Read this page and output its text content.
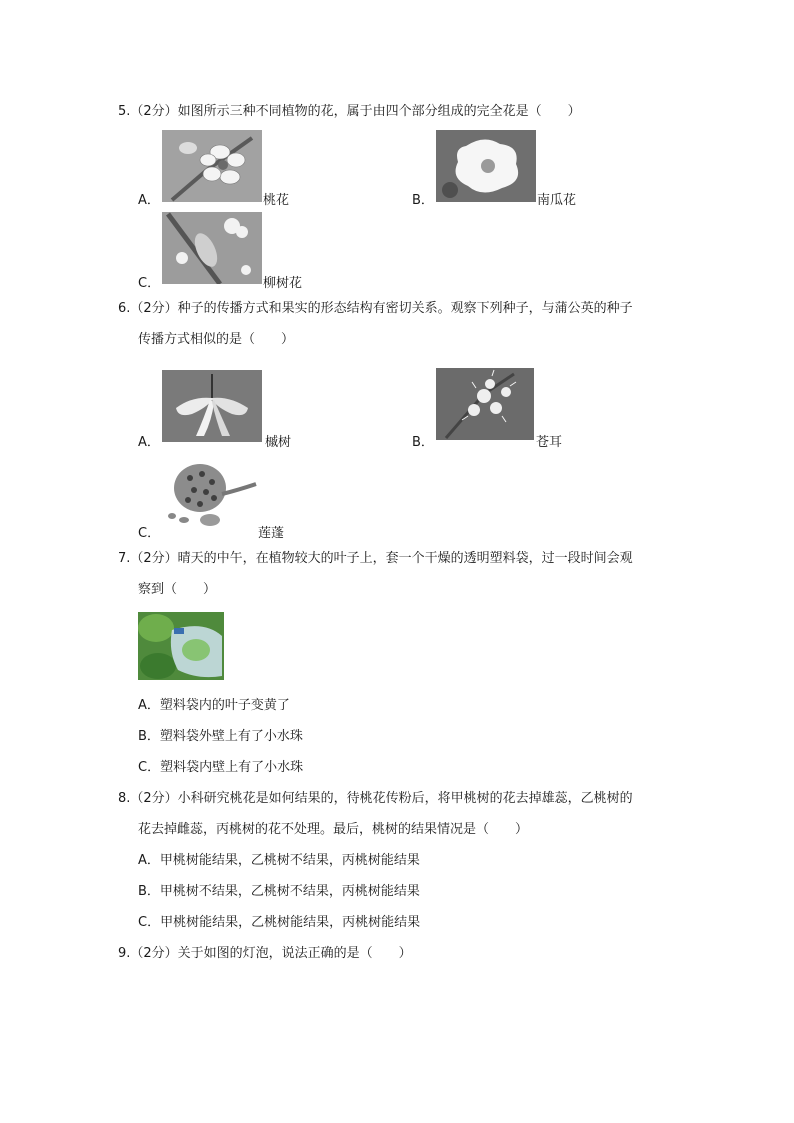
5.（2分）如图所示三种不同植物的花，属于由四个部分组成的完全花是（　　）
A．	桃花	B．	南瓜花
C．	柳树花
6.（2分）种子的传播方式和果实的形态结构有密切关系。观察下列种子，与蒲公英的种子
传播方式相似的是（　　）
A．	槭树	B．	苍耳
C．	莲蓬
7.（2分）晴天的中午，在植物较大的叶子上，套一个干燥的透明塑料袋，过一段时间会观
察到（　　）
A．塑料袋内的叶子变黄了
B．塑料袋外壁上有了小水珠
C．塑料袋内壁上有了小水珠
8.（2分）小科研究桃花是如何结果的，待桃花传粉后，将甲桃树的花去掉雄蕊，乙桃树的
花去掉雌蕊，丙桃树的花不处理。最后，桃树的结果情况是（　　）
A．甲桃树能结果，乙桃树不结果，丙桃树能结果
B．甲桃树不结果，乙桃树不结果，丙桃树能结果
C．甲桃树能结果，乙桃树能结果，丙桃树能结果
9.（2分）关于如图的灯泡，说法正确的是（　　）
